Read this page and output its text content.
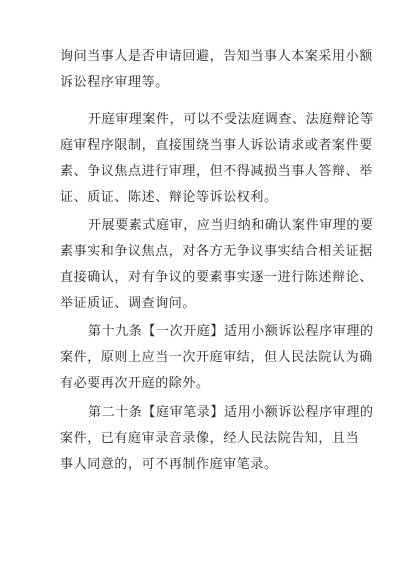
询问当事人是否申请回避，告知当事人本案采用小额
诉讼程序审理等。
开庭审理案件，可以不受法庭调查、法庭辩论等
庭审程序限制，直接围绕当事人诉讼请求或者案件要
素、争议焦点进行审理，但不得减损当事人答辩、举
证、质证、陈述、辩论等诉讼权利。
开展要素式庭审，应当归纳和确认案件审理的要
素事实和争议焦点，对各方无争议事实结合相关证据
直接确认，对有争议的要素事实逐一进行陈述辩论、
举证质证、调查询问。
第十九条【一次开庭】适用小额诉讼程序审理的
案件，原则上应当一次开庭审结，但人民法院认为确
有必要再次开庭的除外。
第二十条【庭审笔录】适用小额诉讼程序审理的
案件，已有庭审录音录像，经人民法院告知，且当
事人同意的，可不再制作庭审笔录。
